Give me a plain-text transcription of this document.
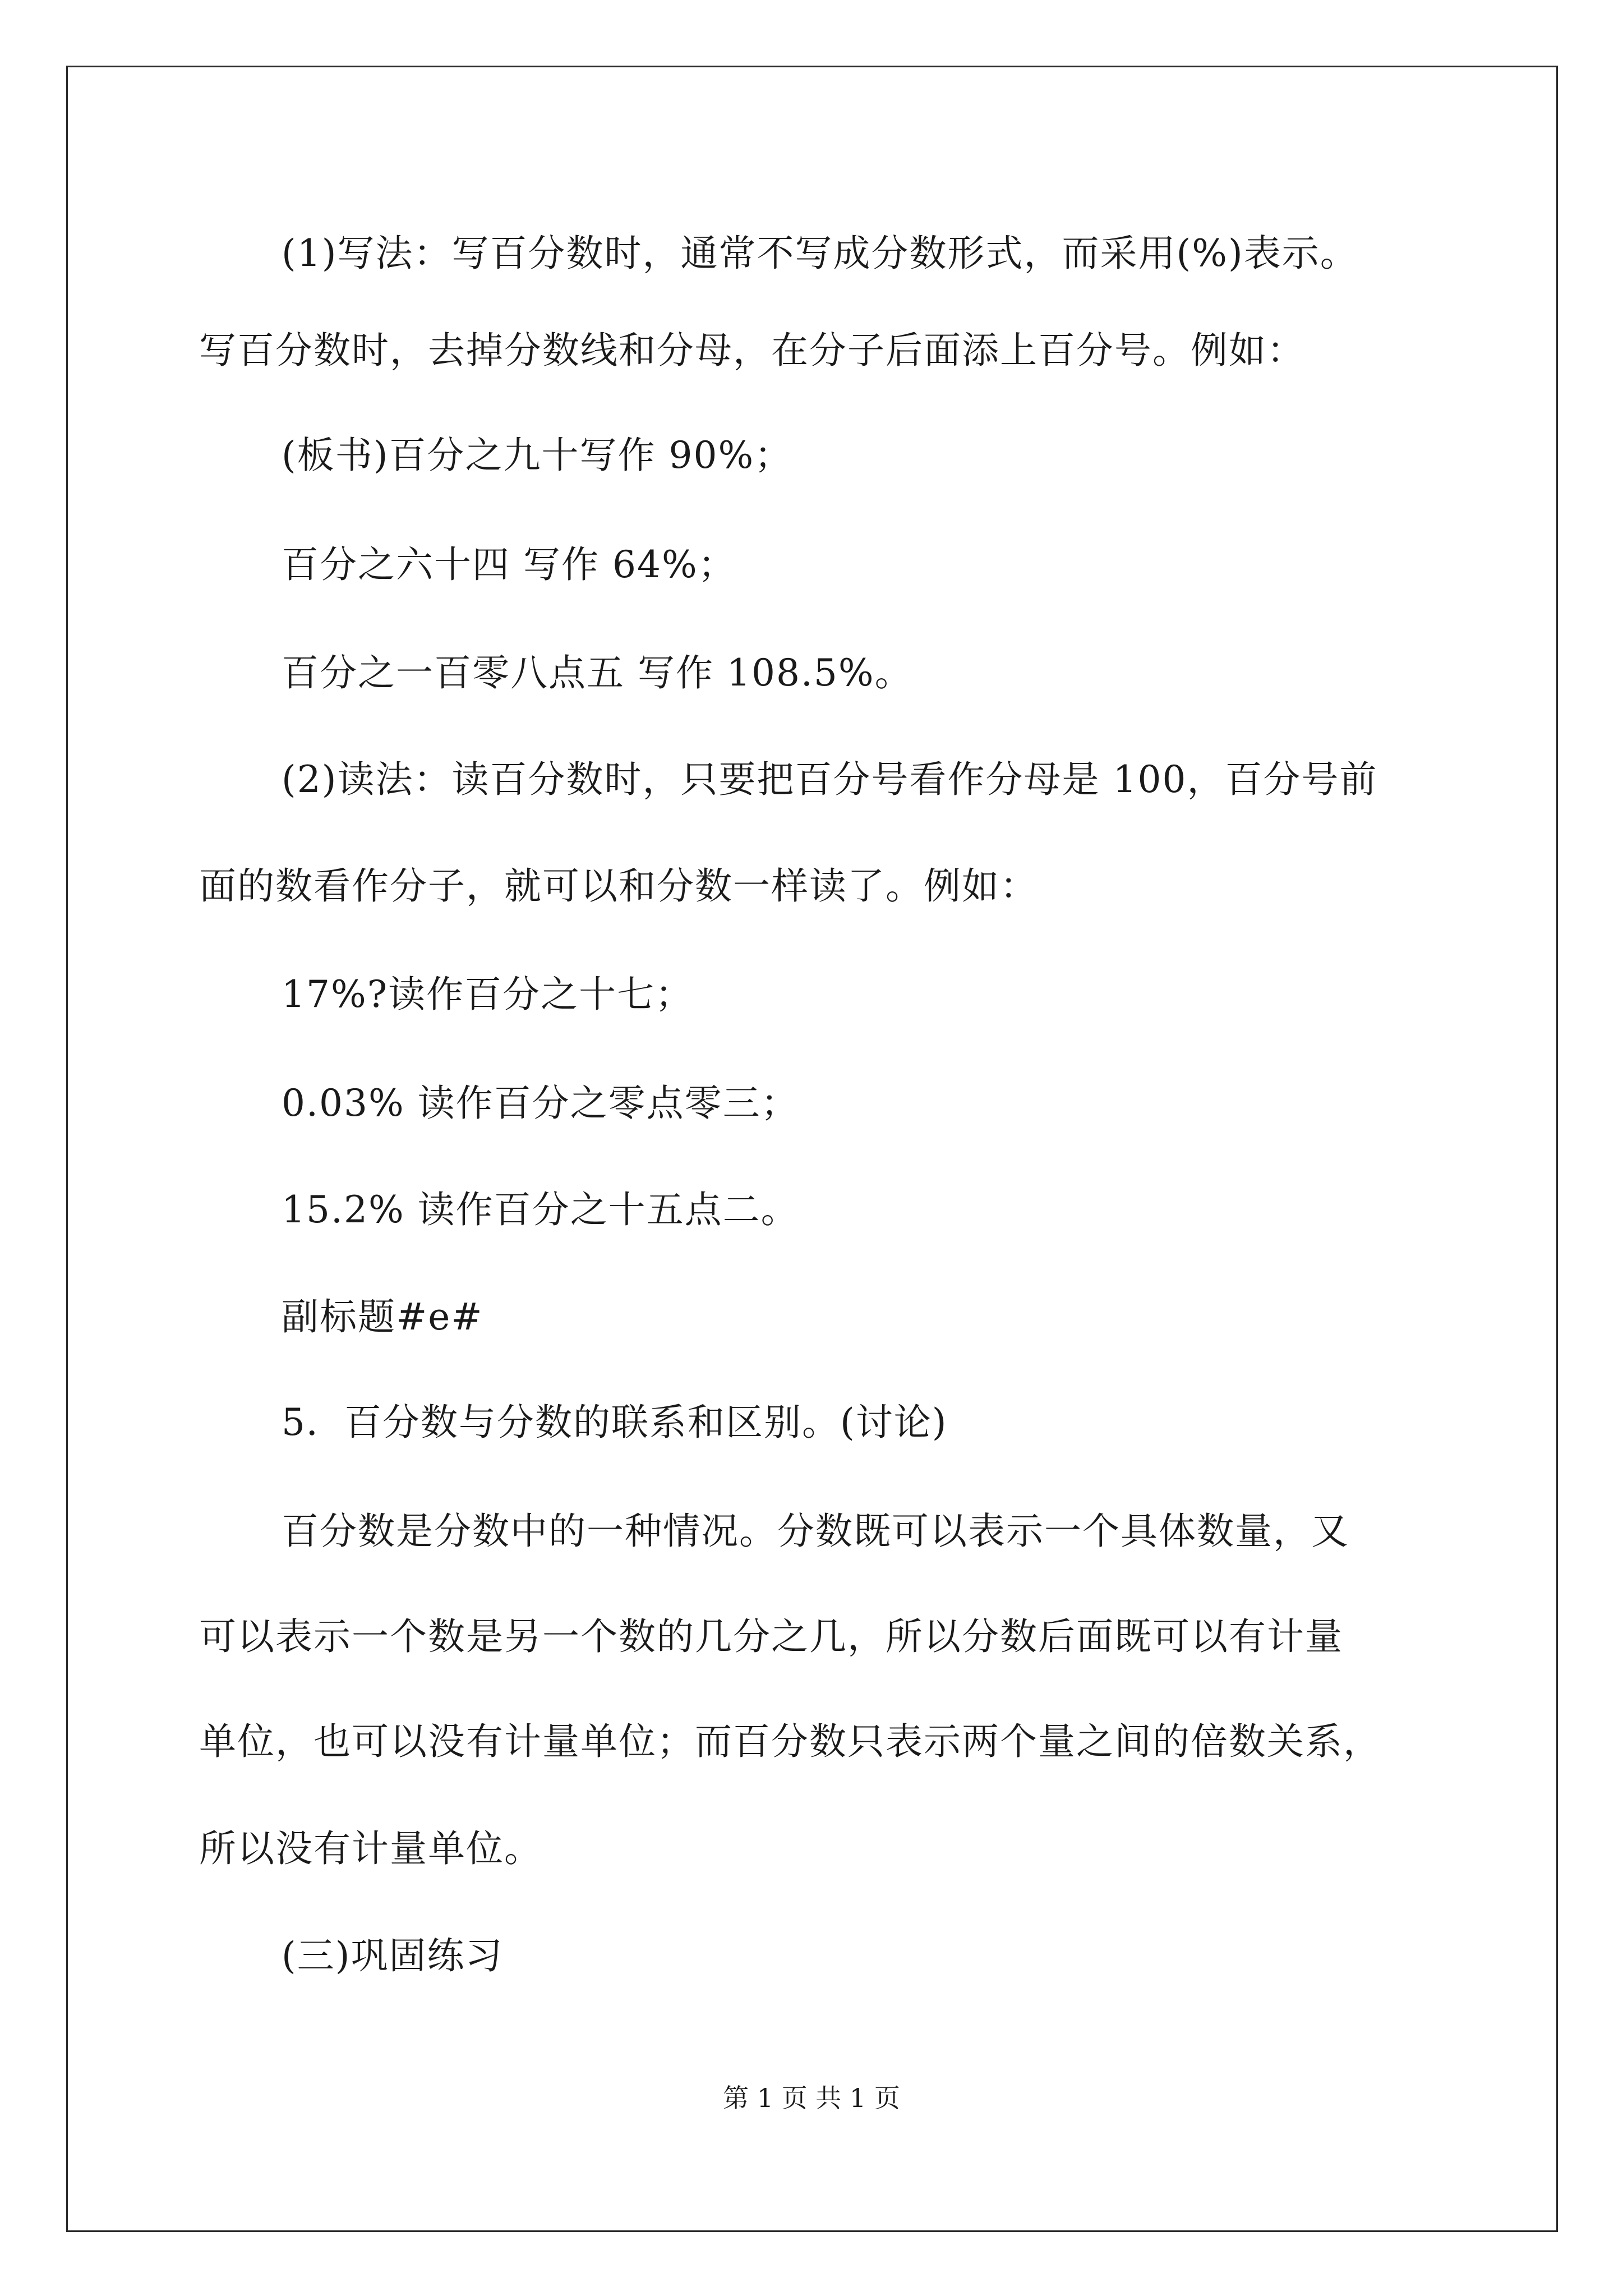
(1)写法：写百分数时，通常不写成分数形式，而采用(%)表示。
写百分数时，去掉分数线和分母，在分子后面添上百分号。例如：
(板书)百分之九十写作 90%；
百分之六十四 写作 64%；
百分之一百零八点五 写作 108.5%。
(2)读法：读百分数时，只要把百分号看作分母是 100，百分号前
面的数看作分子，就可以和分数一样读了。例如：
17%?读作百分之十七；
0.03% 读作百分之零点零三；
15.2% 读作百分之十五点二。
副标题#e#
5．百分数与分数的联系和区别。(讨论)
百分数是分数中的一种情况。分数既可以表示一个具体数量，又
可以表示一个数是另一个数的几分之几，所以分数后面既可以有计量
单位，也可以没有计量单位；而百分数只表示两个量之间的倍数关系，
所以没有计量单位。
(三)巩固练习
第 1 页 共 1 页
